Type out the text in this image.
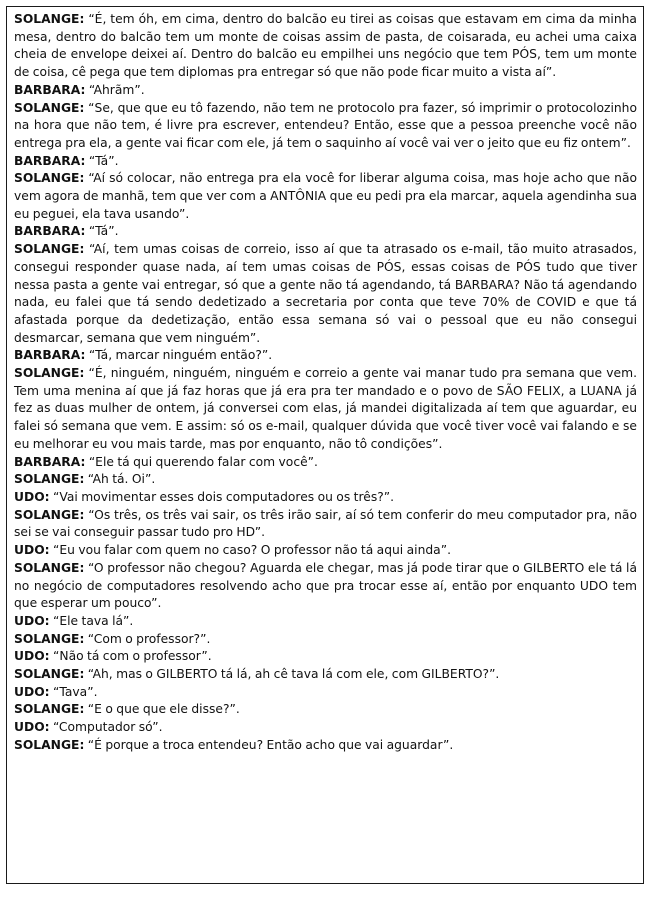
SOLANGE: “É, tem óh, em cima, dentro do balcão eu tirei as coisas que estavam em cima da minha mesa, dentro do balcão tem um monte de coisas assim de pasta, de coisarada, eu achei uma caixa cheia de envelope deixei aí. Dentro do balcão eu empilhei uns negócio que tem PÓS, tem um monte de coisa, cê pega que tem diplomas pra entregar só que não pode ficar muito a vista aí”.

BARBARA: “Ahrãm”.

SOLANGE: “Se, que que eu tô fazendo, não tem ne protocolo pra fazer, só imprimir o protocolozinho na hora que não tem, é livre pra escrever, entendeu? Então, esse que a pessoa preenche você não entrega pra ela, a gente vai ficar com ele, já tem o saquinho aí você vai ver o jeito que eu fiz ontem”.

BARBARA: “Tá”.

SOLANGE: “Aí só colocar, não entrega pra ela você for liberar alguma coisa, mas hoje acho que não vem agora de manhã, tem que ver com a ANTÔNIA que eu pedi pra ela marcar, aquela agendinha sua eu peguei, ela tava usando”.

BARBARA: “Tá”.

SOLANGE: “Aí, tem umas coisas de correio, isso aí que ta atrasado os e-mail, tão muito atrasados, consegui responder quase nada, aí tem umas coisas de PÓS, essas coisas de PÓS tudo que tiver nessa pasta a gente vai entregar, só que a gente não tá agendando, tá BARBARA? Não tá agendando nada, eu falei que tá sendo dedetizado a secretaria por conta que teve 70% de COVID e que tá afastada porque da dedetização, então essa semana só vai o pessoal que eu não consegui desmarcar, semana que vem ninguém”.

BARBARA: “Tá, marcar ninguém então?”.

SOLANGE: “É, ninguém, ninguém, ninguém e correio a gente vai manar tudo pra semana que vem. Tem uma menina aí que já faz horas que já era pra ter mandado e o povo de SÃO FELIX, a LUANA já fez as duas mulher de ontem, já conversei com elas, já mandei digitalizada aí tem que aguardar, eu falei só semana que vem. E assim: só os e-mail, qualquer dúvida que você tiver você vai falando e se eu melhorar eu vou mais tarde, mas por enquanto, não tô condições”.

BARBARA: “Ele tá qui querendo falar com você”.

SOLANGE: “Ah tá. Oi”.

UDO: “Vai movimentar esses dois computadores ou os três?”.

SOLANGE: “Os três, os três vai sair, os três irão sair, aí só tem conferir do meu computador pra, não sei se vai conseguir passar tudo pro HD”.

UDO: “Eu vou falar com quem no caso? O professor não tá aqui ainda”.

SOLANGE: “O professor não chegou? Aguarda ele chegar, mas já pode tirar que o GILBERTO ele tá lá no negócio de computadores resolvendo acho que pra trocar esse aí, então por enquanto UDO tem que esperar um pouco”.

UDO: “Ele tava lá”.

SOLANGE: “Com o professor?”.

UDO: “Não tá com o professor”.

SOLANGE: “Ah, mas o GILBERTO tá lá, ah cê tava lá com ele, com GILBERTO?”.

UDO: “Tava”.

SOLANGE: “E o que que ele disse?”.

UDO: “Computador só”.

SOLANGE: “É porque a troca entendeu? Então acho que vai aguardar”.
